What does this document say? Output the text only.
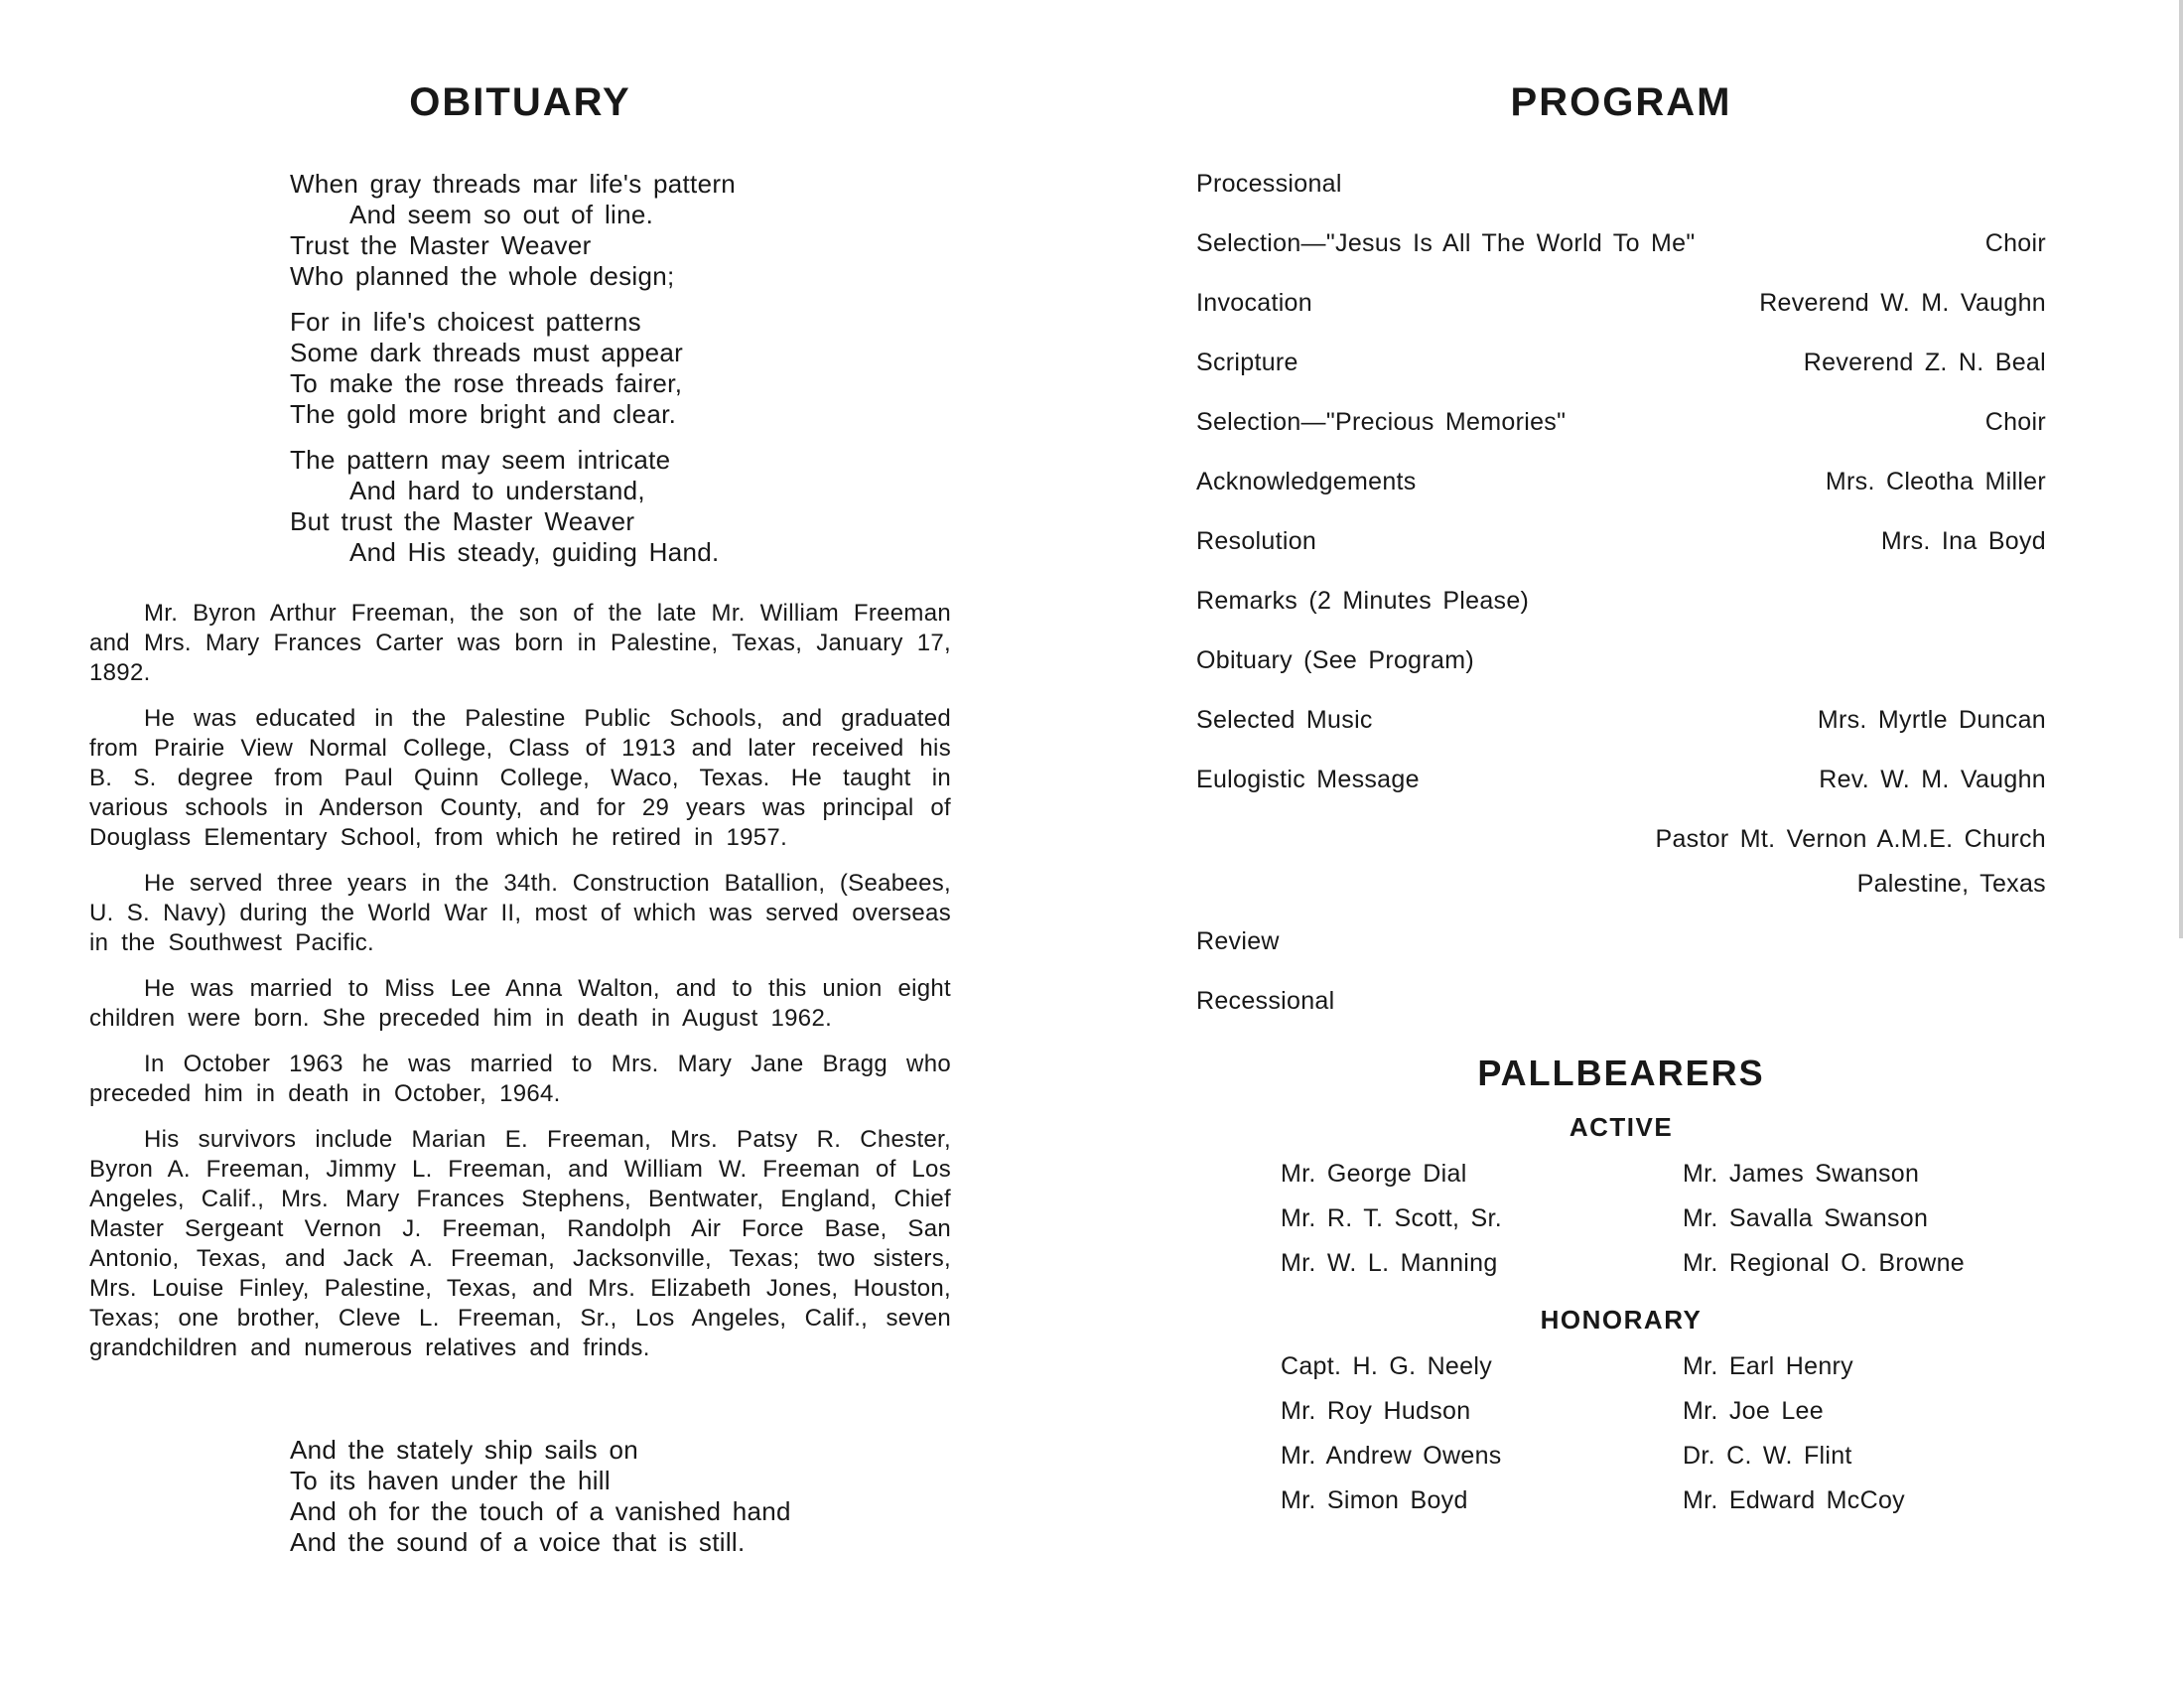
OBITUARY
When gray threads mar life's pattern
And seem so out of line.
Trust the Master Weaver
Who planned the whole design;
For in life's choicest patterns
Some dark threads must appear
To make the rose threads fairer,
The gold more bright and clear.
The pattern may seem intricate
And hard to understand,
But trust the Master Weaver
And His steady, guiding Hand.

Mr. Byron Arthur Freeman, the son of the late Mr. William Freeman and Mrs. Mary Frances Carter was born in Palestine, Texas, January 17, 1892.

He was educated in the Palestine Public Schools, and graduated from Prairie View Normal College, Class of 1913 and later received his B. S. degree from Paul Quinn College, Waco, Texas. He taught in various schools in Anderson County, and for 29 years was principal of Douglass Elementary School, from which he retired in 1957.

He served three years in the 34th. Construction Batallion, (Seabees, U. S. Navy) during the World War II, most of which was served overseas in the Southwest Pacific.

He was married to Miss Lee Anna Walton, and to this union eight children were born. She preceded him in death in August 1962.

In October 1963 he was married to Mrs. Mary Jane Bragg who preceded him in death in October, 1964.

His survivors include Marian E. Freeman, Mrs. Patsy R. Chester, Byron A. Freeman, Jimmy L. Freeman, and William W. Freeman of Los Angeles, Calif., Mrs. Mary Frances Stephens, Bentwater, England, Chief Master Sergeant Vernon J. Freeman, Randolph Air Force Base, San Antonio, Texas, and Jack A. Freeman, Jacksonville, Texas; two sisters, Mrs. Louise Finley, Palestine, Texas, and Mrs. Elizabeth Jones, Houston, Texas; one brother, Cleve L. Freeman, Sr., Los Angeles, Calif., seven grandchildren and numerous relatives and frinds.

And the stately ship sails on
To its haven under the hill
And oh for the touch of a vanished hand
And the sound of a voice that is still.
PROGRAM
Processional
Selection—"Jesus Is All The World To Me"	Choir
Invocation	Reverend W. M. Vaughn
Scripture	Reverend Z. N. Beal
Selection—"Precious Memories"	Choir
Acknowledgements	Mrs. Cleotha Miller
Resolution	Mrs. Ina Boyd
Remarks (2 Minutes Please)
Obituary (See Program)
Selected Music	Mrs. Myrtle Duncan
Eulogistic Message	Rev. W. M. Vaughn
Pastor Mt. Vernon A.M.E. Church
Palestine, Texas
Review
Recessional
PALLBEARERS
ACTIVE
Mr. George Dial	Mr. James Swanson
Mr. R. T. Scott, Sr.	Mr. Savalla Swanson
Mr. W. L. Manning	Mr. Regional O. Browne
HONORARY
Capt. H. G. Neely	Mr. Earl Henry
Mr. Roy Hudson	Mr. Joe Lee
Mr. Andrew Owens	Dr. C. W. Flint
Mr. Simon Boyd	Mr. Edward McCoy
